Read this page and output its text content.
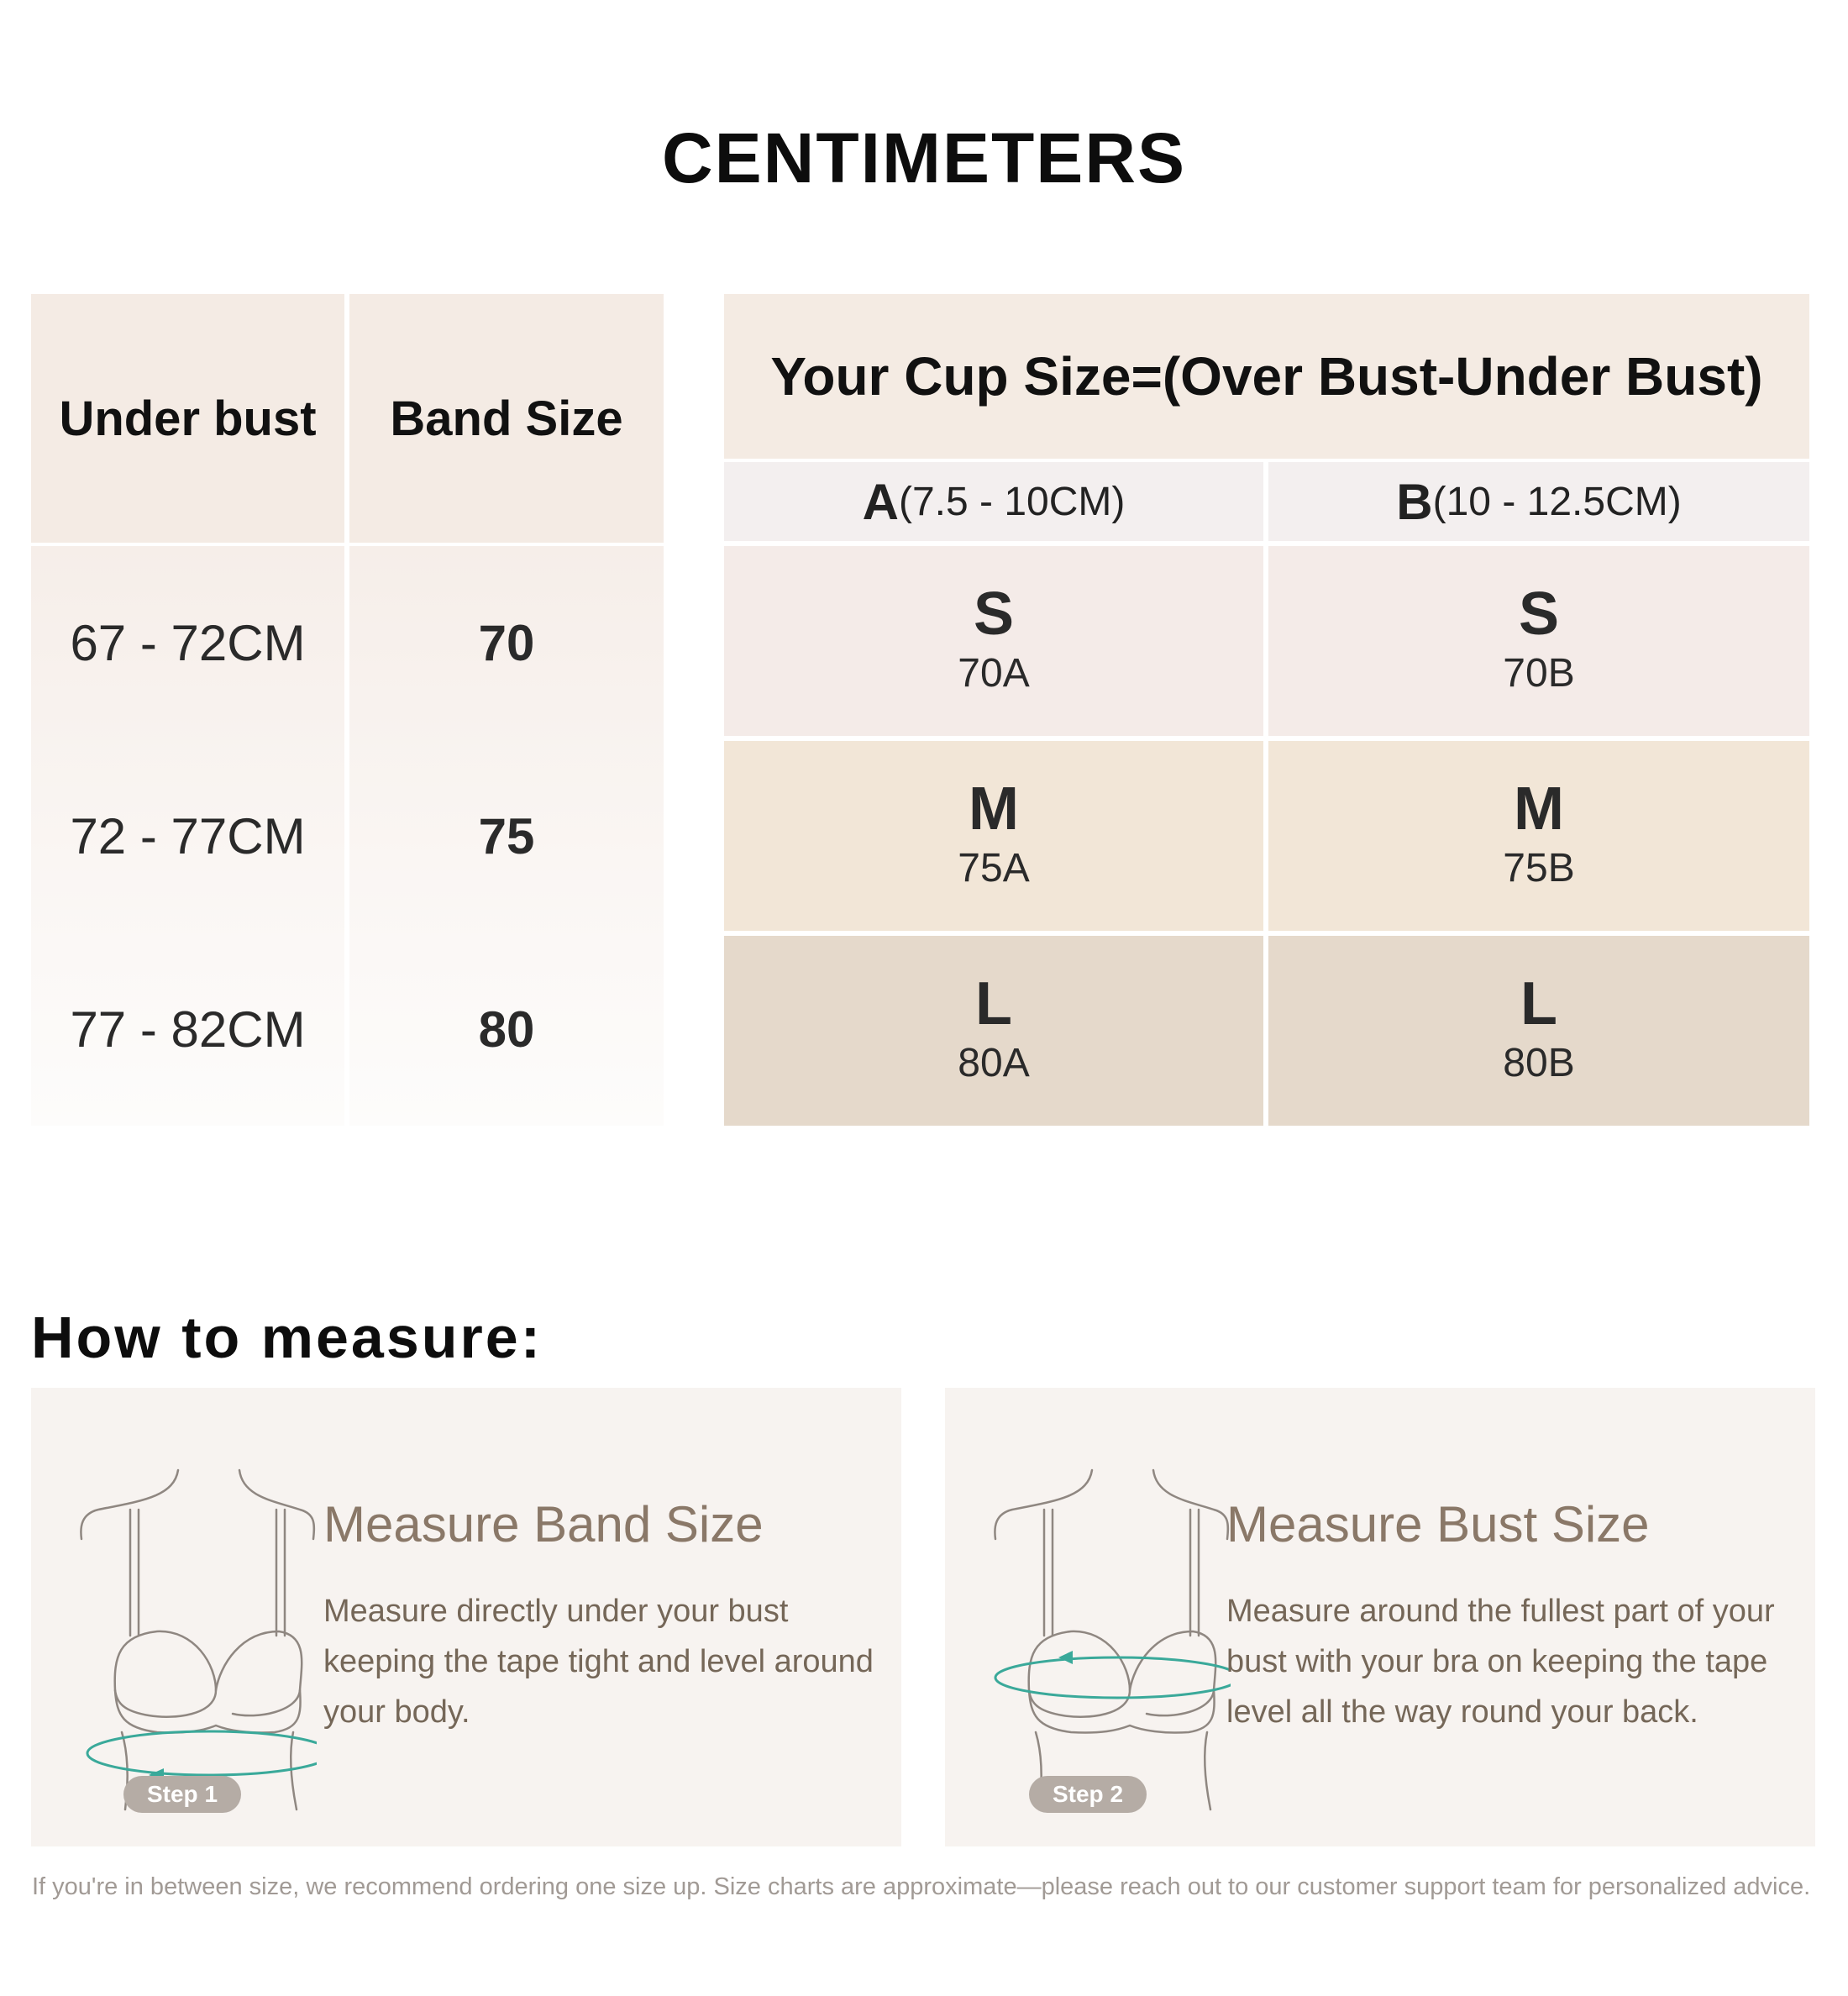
CENTIMETERS
Under bust	Band Size
67 - 72CM
72 - 77CM
77 - 82CM
70
75
80
Your Cup Size=(Over Bust-Under Bust)
A (7.5 - 10CM)	B (10 - 12.5CM)
S
70A
S
70B
M
75A
M
75B
L
80A
L
80B
How to measure:
Step 1
Measure Band Size
Measure directly under your bust keeping the tape tight and level around your body.
Step 2
Measure Bust Size
Measure around the fullest part of your bust with your bra on keeping the tape level all the way round your back.
If you're in between size, we recommend ordering one size up. Size charts are approximate—please reach out to our customer support team for personalized advice.
